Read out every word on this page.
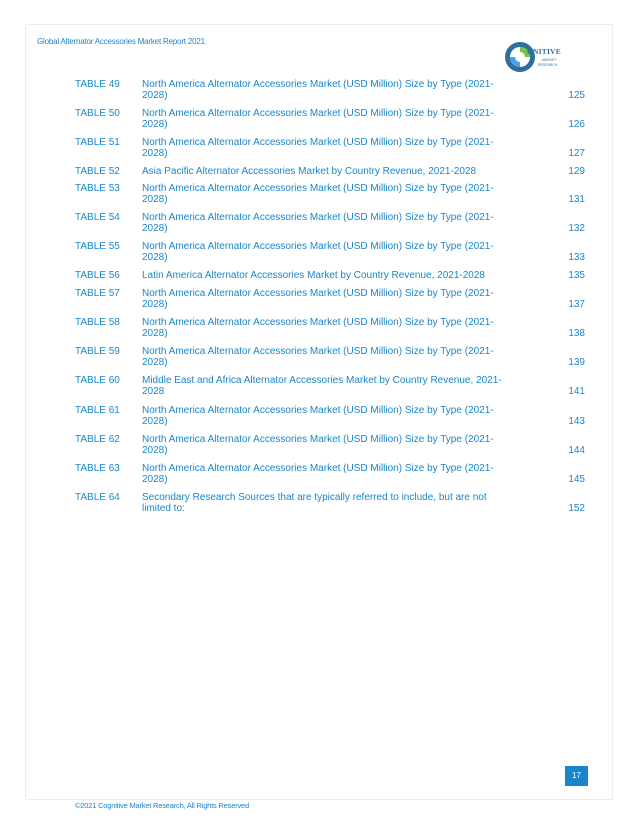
Global Alternator Accessories Market Report 2021
GNITIVE
MARKET
RESEARCH
TABLE 49 North America Alternator Accessories Market (USD Million) Size by Type (2021-2028)	125
TABLE 50 North America Alternator Accessories Market (USD Million) Size by Type (2021-2028)	126
TABLE 51 North America Alternator Accessories Market (USD Million) Size by Type (2021-2028)	127
TABLE 52 Asia Pacific Alternator Accessories Market by Country Revenue, 2021-2028	129
TABLE 53 North America Alternator Accessories Market (USD Million) Size by Type (2021-2028)	131
TABLE 54 North America Alternator Accessories Market (USD Million) Size by Type (2021-2028)	132
TABLE 55 North America Alternator Accessories Market (USD Million) Size by Type (2021-2028)	133
TABLE 56 Latin America Alternator Accessories Market by Country Revenue, 2021-2028	135
TABLE 57 North America Alternator Accessories Market (USD Million) Size by Type (2021-2028)	137
TABLE 58 North America Alternator Accessories Market (USD Million) Size by Type (2021-2028)	138
TABLE 59 North America Alternator Accessories Market (USD Million) Size by Type (2021-2028)	139
TABLE 60 Middle East and Africa Alternator Accessories Market by Country Revenue, 2021-2028	141
TABLE 61 North America Alternator Accessories Market (USD Million) Size by Type (2021-2028)	143
TABLE 62 North America Alternator Accessories Market (USD Million) Size by Type (2021-2028)	144
TABLE 63 North America Alternator Accessories Market (USD Million) Size by Type (2021-2028)	145
TABLE 64 Secondary Research Sources that are typically referred to include, but are not limited to:	152
17
©2021 Cognitive Market Research, All Rights Reserved
